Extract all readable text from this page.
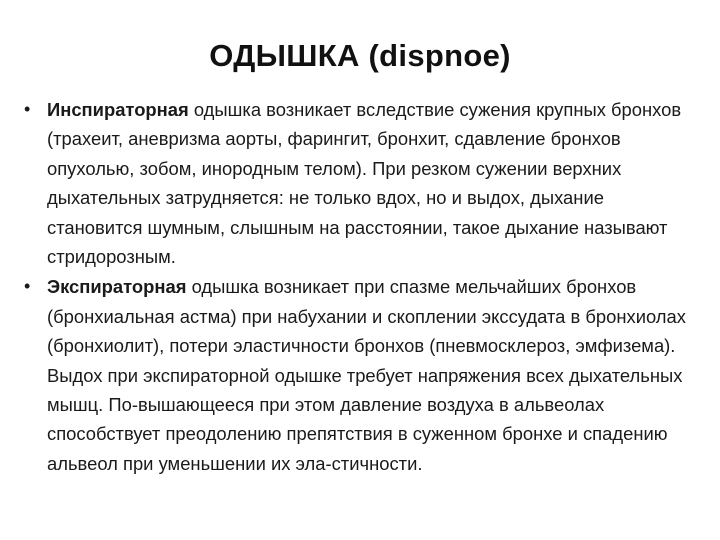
ОДЫШКА (dispnoe)
• Инспираторная одышка возникает вследствие сужения крупных бронхов (трахеит, аневризма аорты, фарингит, бронхит, сдавление бронхов опухолью, зобом, инородным телом). При резком сужении верхних дыхательных затрудняется: не только вдох, но и выдох, дыхание становится шумным, слышным на расстоянии, такое дыхание называют стридорозным.
• Экспираторная одышка возникает при спазме мельчайших бронхов (бронхиальная астма) при набухании и скоплении экссудата в бронхиолах (бронхиолит), потери эластичности бронхов (пневмосклероз, эмфизема). Выдох при экспираторной одышке требует напряжения всех дыхательных мышц. По-вышающееся при этом давление воздуха в альвеолах способствует преодолению препятствия в суженном бронхе и спадению альвеол при уменьшении их эла-стичности.
